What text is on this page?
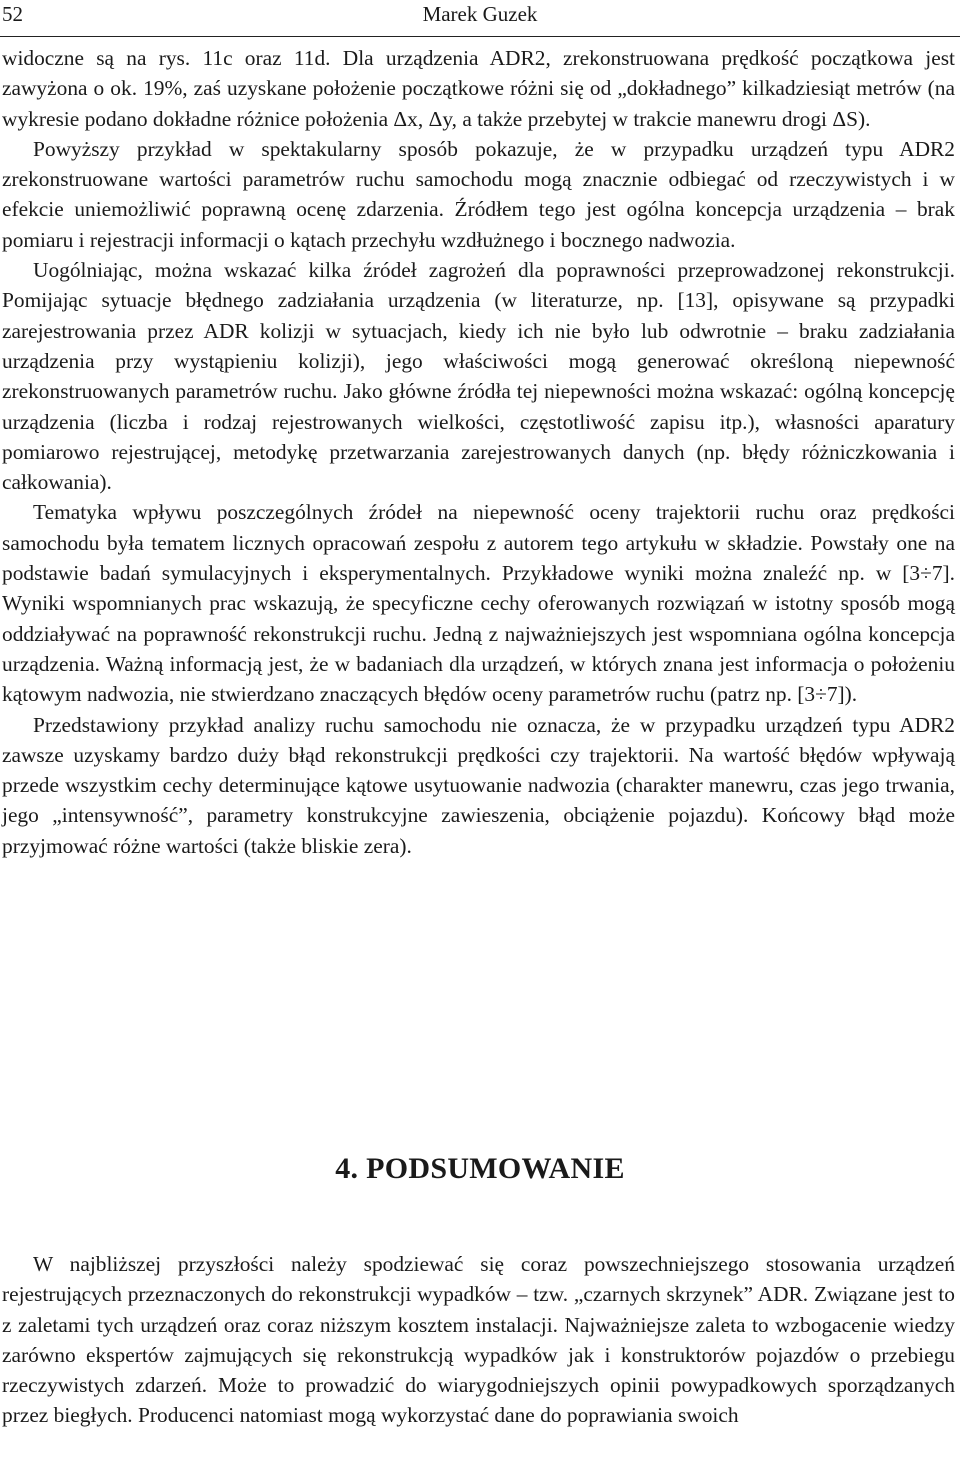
52	Marek Guzek

widoczne są na rys. 11c oraz 11d. Dla urządzenia ADR2, zrekonstruowana prędkość początkowa jest zawyżona o ok. 19%, zaś uzyskane położenie początkowe różni się od „dokładnego” kilkadziesiąt metrów (na wykresie podano dokładne różnice położenia Δx, Δy, a także przebytej w trakcie manewru drogi ΔS).

Powyższy przykład w spektakularny sposób pokazuje, że w przypadku urządzeń typu ADR2 zrekonstruowane wartości parametrów ruchu samochodu mogą znacznie odbiegać od rzeczywistych i w efekcie uniemożliwić poprawną ocenę zdarzenia. Źródłem tego jest ogólna koncepcja urządzenia – brak pomiaru i rejestracji informacji o kątach przechyłu wzdłużnego i bocznego nadwozia.

Uogólniając, można wskazać kilka źródeł zagrożeń dla poprawności przeprowadzonej rekonstrukcji. Pomijając sytuacje błędnego zadziałania urządzenia (w literaturze, np. [13], opisywane są przypadki zarejestrowania przez ADR kolizji w sytuacjach, kiedy ich nie było lub odwrotnie – braku zadziałania urządzenia przy wystąpieniu kolizji), jego właściwości mogą generować określoną niepewność zrekonstruowanych parametrów ruchu. Jako główne źródła tej niepewności można wskazać: ogólną koncepcję urządzenia (liczba i rodzaj rejestrowanych wielkości, częstotliwość zapisu itp.), własności aparatury pomiarowo rejestrującej, metodykę przetwarzania zarejestrowanych danych (np. błędy różniczkowania i całkowania).

Tematyka wpływu poszczególnych źródeł na niepewność oceny trajektorii ruchu oraz prędkości samochodu była tematem licznych opracowań zespołu z autorem tego artykułu w składzie. Powstały one na podstawie badań symulacyjnych i eksperymentalnych. Przykładowe wyniki można znaleźć np. w [3÷7]. Wyniki wspomnianych prac wskazują, że specyficzne cechy oferowanych rozwiązań w istotny sposób mogą oddziaływać na poprawność rekonstrukcji ruchu. Jedną z najważniejszych jest wspomniana ogólna koncepcja urządzenia. Ważną informacją jest, że w badaniach dla urządzeń, w których znana jest informacja o położeniu kątowym nadwozia, nie stwierdzano znaczących błędów oceny parametrów ruchu (patrz np. [3÷7]).

Przedstawiony przykład analizy ruchu samochodu nie oznacza, że w przypadku urządzeń typu ADR2 zawsze uzyskamy bardzo duży błąd rekonstrukcji prędkości czy trajektorii. Na wartość błędów wpływają przede wszystkim cechy determinujące kątowe usytuowanie nadwozia (charakter manewru, czas jego trwania, jego „intensywność”, parametry konstrukcyjne zawieszenia, obciążenie pojazdu). Końcowy błąd może przyjmować różne wartości (także bliskie zera).

4. PODSUMOWANIE

W najbliższej przyszłości należy spodziewać się coraz powszechniejszego stosowania urządzeń rejestrujących przeznaczonych do rekonstrukcji wypadków – tzw. „czarnych skrzynek” ADR. Związane jest to z zaletami tych urządzeń oraz coraz niższym kosztem instalacji. Najważniejsze zaleta to wzbogacenie wiedzy zarówno ekspertów zajmujących się rekonstrukcją wypadków jak i konstruktorów pojazdów o przebiegu rzeczywistych zdarzeń. Może to prowadzić do wiarygodniejszych opinii powypadkowych sporządzanych przez biegłych. Producenci natomiast mogą wykorzystać dane do poprawiania swoich
